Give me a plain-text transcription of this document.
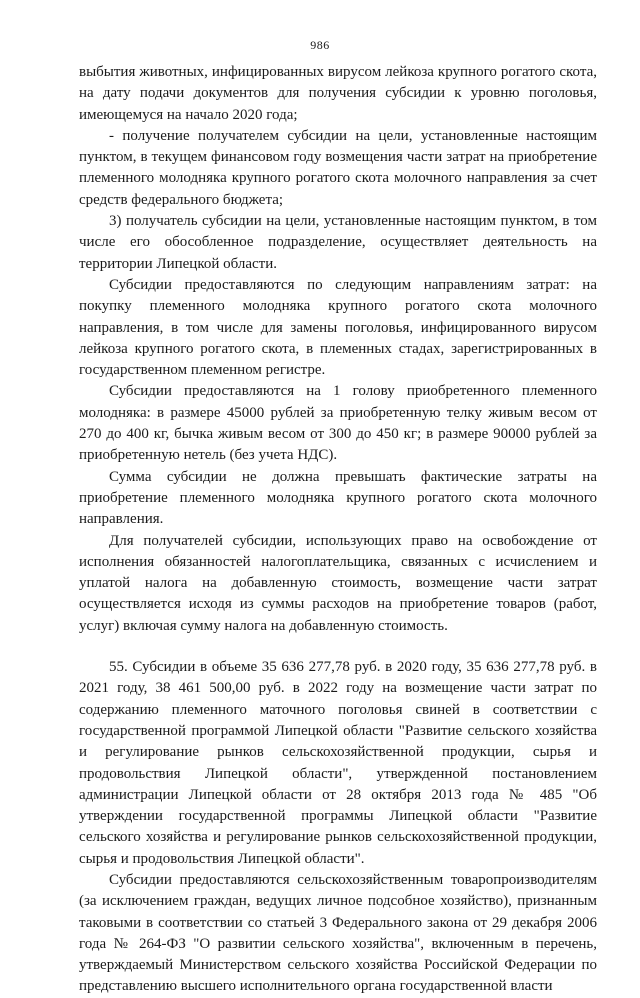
986

выбытия животных, инфицированных вирусом лейкоза крупного рогатого скота, на дату подачи документов для получения субсидии к уровню поголовья, имеющемуся на начало 2020 года;

- получение получателем субсидии на цели, установленные настоящим пунктом, в текущем финансовом году возмещения части затрат на приобретение племенного молодняка крупного рогатого скота молочного направления за счет средств федерального бюджета;

3) получатель субсидии на цели, установленные настоящим пунктом, в том числе его обособленное подразделение, осуществляет деятельность на территории Липецкой области.

Субсидии предоставляются по следующим направлениям затрат: на покупку племенного молодняка крупного рогатого скота молочного направления, в том числе для замены поголовья, инфицированного вирусом лейкоза крупного рогатого скота, в племенных стадах, зарегистрированных в государственном племенном регистре.

Субсидии предоставляются на 1 голову приобретенного племенного молодняка: в размере 45000 рублей за приобретенную телку живым весом от 270 до 400 кг, бычка живым весом от 300 до 450 кг; в размере 90000 рублей за приобретенную нетель (без учета НДС).

Сумма субсидии не должна превышать фактические затраты на приобретение племенного молодняка крупного рогатого скота молочного направления.

Для получателей субсидии, использующих право на освобождение от исполнения обязанностей налогоплательщика, связанных с исчислением и уплатой налога на добавленную стоимость, возмещение части затрат осуществляется исходя из суммы расходов на приобретение товаров (работ, услуг) включая сумму налога на добавленную стоимость.

55. Субсидии в объеме 35 636 277,78 руб. в 2020 году, 35 636 277,78 руб. в 2021 году, 38 461 500,00 руб. в 2022 году на возмещение части затрат по содержанию племенного маточного поголовья свиней в соответствии с государственной программой Липецкой области "Развитие сельского хозяйства и регулирование рынков сельскохозяйственной продукции, сырья и продовольствия Липецкой области", утвержденной постановлением администрации Липецкой области от 28 октября 2013 года № 485 "Об утверждении государственной программы Липецкой области "Развитие сельского хозяйства и регулирование рынков сельскохозяйственной продукции, сырья и продовольствия Липецкой области".

Субсидии предоставляются сельскохозяйственным товаропроизводителям (за исключением граждан, ведущих личное подсобное хозяйство), признанным таковыми в соответствии со статьей 3 Федерального закона от 29 декабря 2006 года № 264-ФЗ "О развитии сельского хозяйства", включенным в перечень, утверждаемый Министерством сельского хозяйства Российской Федерации по представлению высшего исполнительного органа государственной власти
